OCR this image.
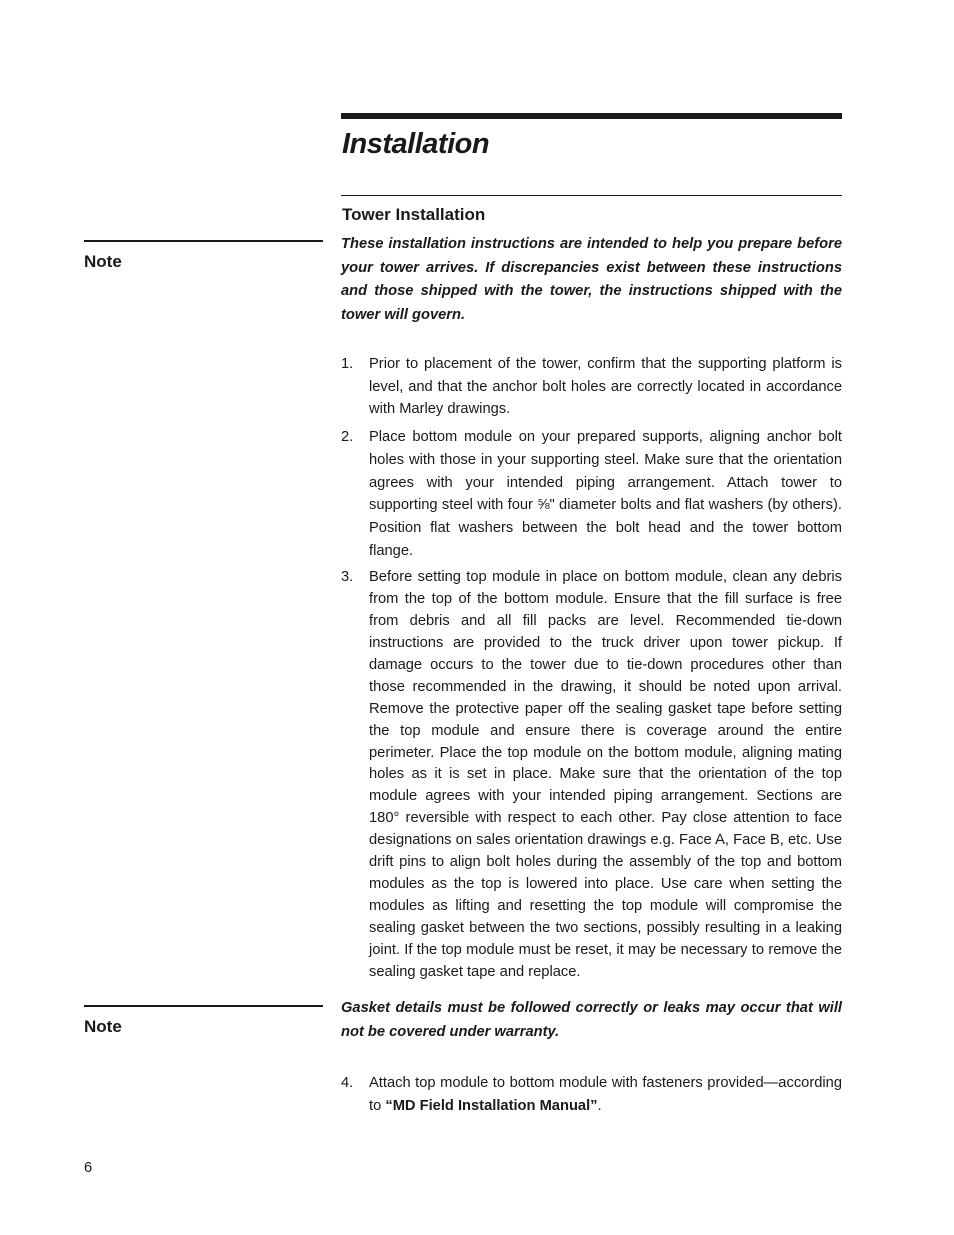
Installation
Tower Installation
Note
These installation instructions are intended to help you prepare before your tower arrives. If discrepancies exist between these instructions and those shipped with the tower, the instructions shipped with the tower will govern.
1. Prior to placement of the tower, confirm that the supporting platform is level, and that the anchor bolt holes are correctly located in accordance with Marley drawings.
2. Place bottom module on your prepared supports, aligning anchor bolt holes with those in your supporting steel. Make sure that the orientation agrees with your intended piping arrangement. Attach tower to supporting steel with four ⅝" diameter bolts and flat washers (by others). Position flat washers between the bolt head and the tower bottom flange.
3. Before setting top module in place on bottom module, clean any debris from the top of the bottom module. Ensure that the fill surface is free from debris and all fill packs are level. Recommended tie-down instructions are provided to the truck driver upon tower pickup. If damage occurs to the tower due to tie-down procedures other than those recommended in the drawing, it should be noted upon arrival. Remove the protective paper off the sealing gasket tape before setting the top module and ensure there is coverage around the entire perimeter. Place the top module on the bottom module, aligning mating holes as it is set in place. Make sure that the orientation of the top module agrees with your intended piping arrangement. Sections are 180° reversible with respect to each other. Pay close attention to face designations on sales orientation drawings e.g. Face A, Face B, etc. Use drift pins to align bolt holes during the assembly of the top and bottom modules as the top is lowered into place. Use care when setting the modules as lifting and resetting the top module will compromise the sealing gasket between the two sections, possibly resulting in a leaking joint. If the top module must be reset, it may be necessary to remove the sealing gasket tape and replace.
Note
Gasket details must be followed correctly or leaks may occur that will not be covered under warranty.
4. Attach top module to bottom module with fasteners provided—according to “MD Field Installation Manual”.
6
